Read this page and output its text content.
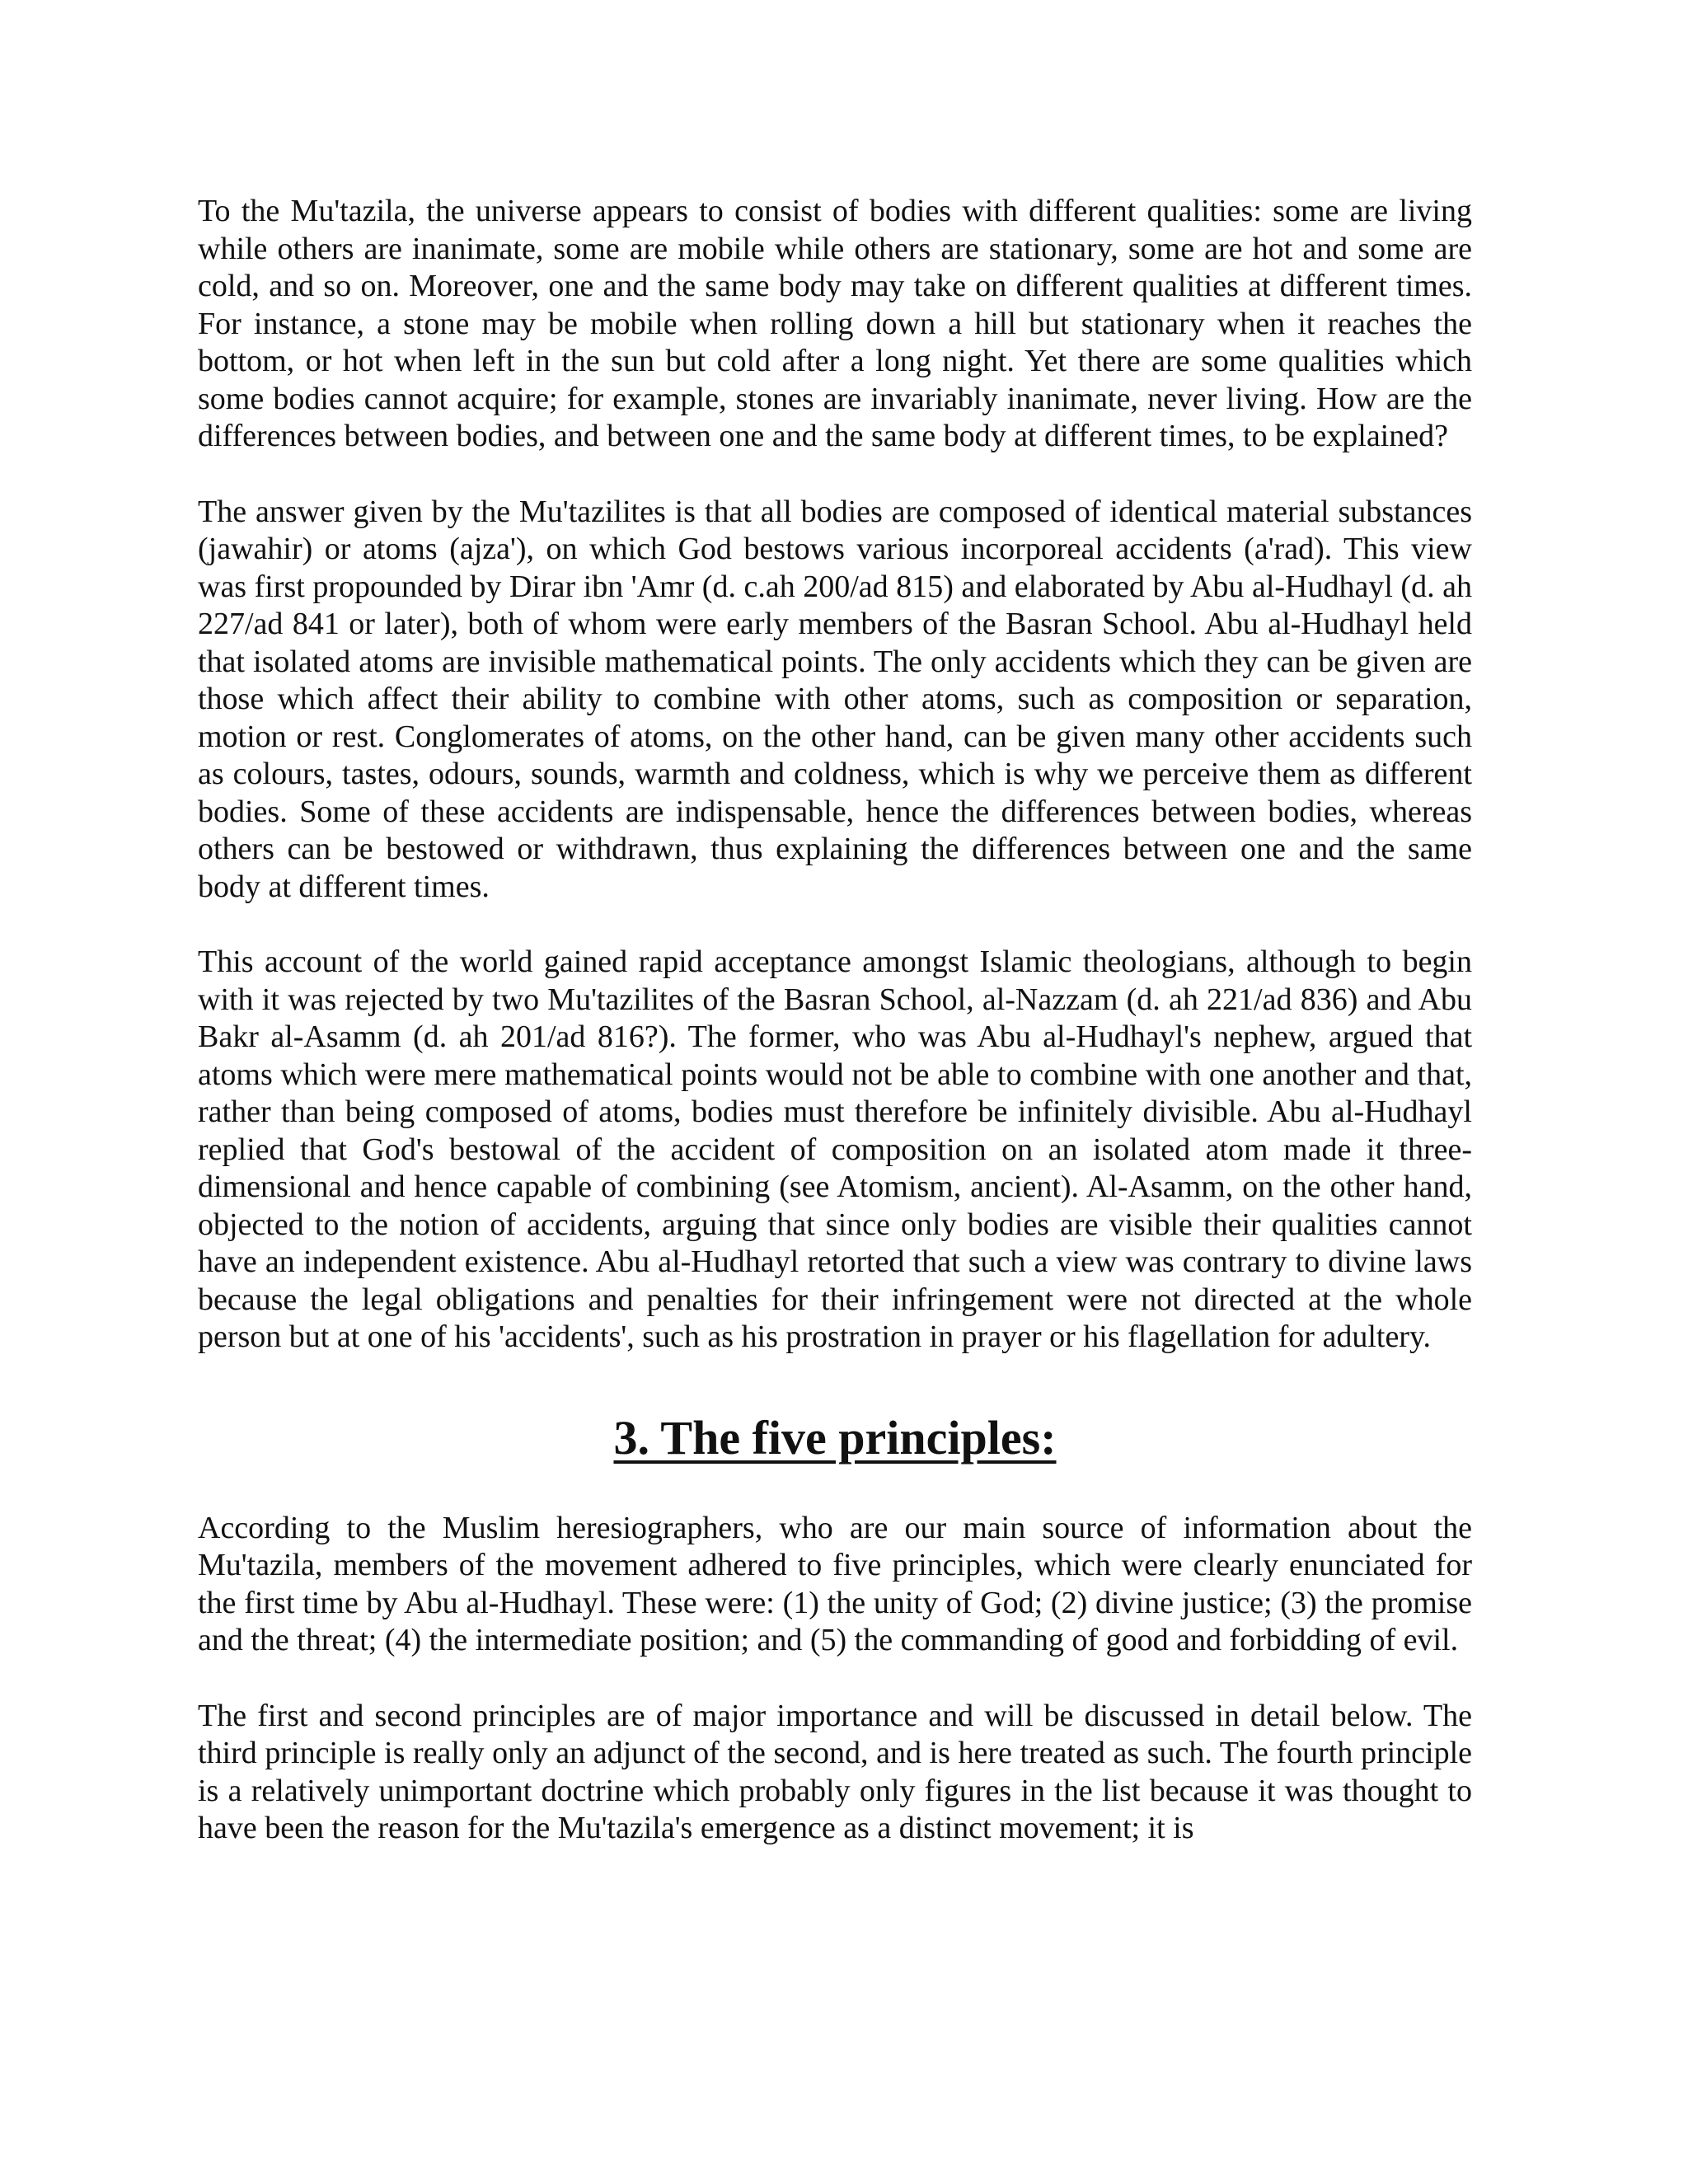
To the Mu'tazila, the universe appears to consist of bodies with different qualities: some are living while others are inanimate, some are mobile while others are stationary, some are hot and some are cold, and so on. Moreover, one and the same body may take on different qualities at different times. For instance, a stone may be mobile when rolling down a hill but stationary when it reaches the bottom, or hot when left in the sun but cold after a long night. Yet there are some qualities which some bodies cannot acquire; for example, stones are invariably inanimate, never living. How are the differences between bodies, and between one and the same body at different times, to be explained?

The answer given by the Mu'tazilites is that all bodies are composed of identical material substances (jawahir) or atoms (ajza'), on which God bestows various incorporeal accidents (a'rad). This view was first propounded by Dirar ibn 'Amr (d. c.ah 200/ad 815) and elaborated by Abu al-Hudhayl (d. ah 227/ad 841 or later), both of whom were early members of the Basran School. Abu al-Hudhayl held that isolated atoms are invisible mathematical points. The only accidents which they can be given are those which affect their ability to combine with other atoms, such as composition or separation, motion or rest. Conglomerates of atoms, on the other hand, can be given many other accidents such as colours, tastes, odours, sounds, warmth and coldness, which is why we perceive them as different bodies. Some of these accidents are indispensable, hence the differences between bodies, whereas others can be bestowed or withdrawn, thus explaining the differences between one and the same body at different times.

This account of the world gained rapid acceptance amongst Islamic theologians, although to begin with it was rejected by two Mu'tazilites of the Basran School, al-Nazzam (d. ah 221/ad 836) and Abu Bakr al-Asamm (d. ah 201/ad 816?). The former, who was Abu al-Hudhayl's nephew, argued that atoms which were mere mathematical points would not be able to combine with one another and that, rather than being composed of atoms, bodies must therefore be infinitely divisible. Abu al-Hudhayl replied that God's bestowal of the accident of composition on an isolated atom made it three-dimensional and hence capable of combining (see Atomism, ancient). Al-Asamm, on the other hand, objected to the notion of accidents, arguing that since only bodies are visible their qualities cannot have an independent existence. Abu al-Hudhayl retorted that such a view was contrary to divine laws because the legal obligations and penalties for their infringement were not directed at the whole person but at one of his 'accidents', such as his prostration in prayer or his flagellation for adultery.

3. The five principles:

According to the Muslim heresiographers, who are our main source of information about the Mu'tazila, members of the movement adhered to five principles, which were clearly enunciated for the first time by Abu al-Hudhayl. These were: (1) the unity of God; (2) divine justice; (3) the promise and the threat; (4) the intermediate position; and (5) the commanding of good and forbidding of evil.

The first and second principles are of major importance and will be discussed in detail below. The third principle is really only an adjunct of the second, and is here treated as such. The fourth principle is a relatively unimportant doctrine which probably only figures in the list because it was thought to have been the reason for the Mu'tazila's emergence as a distinct movement; it is
